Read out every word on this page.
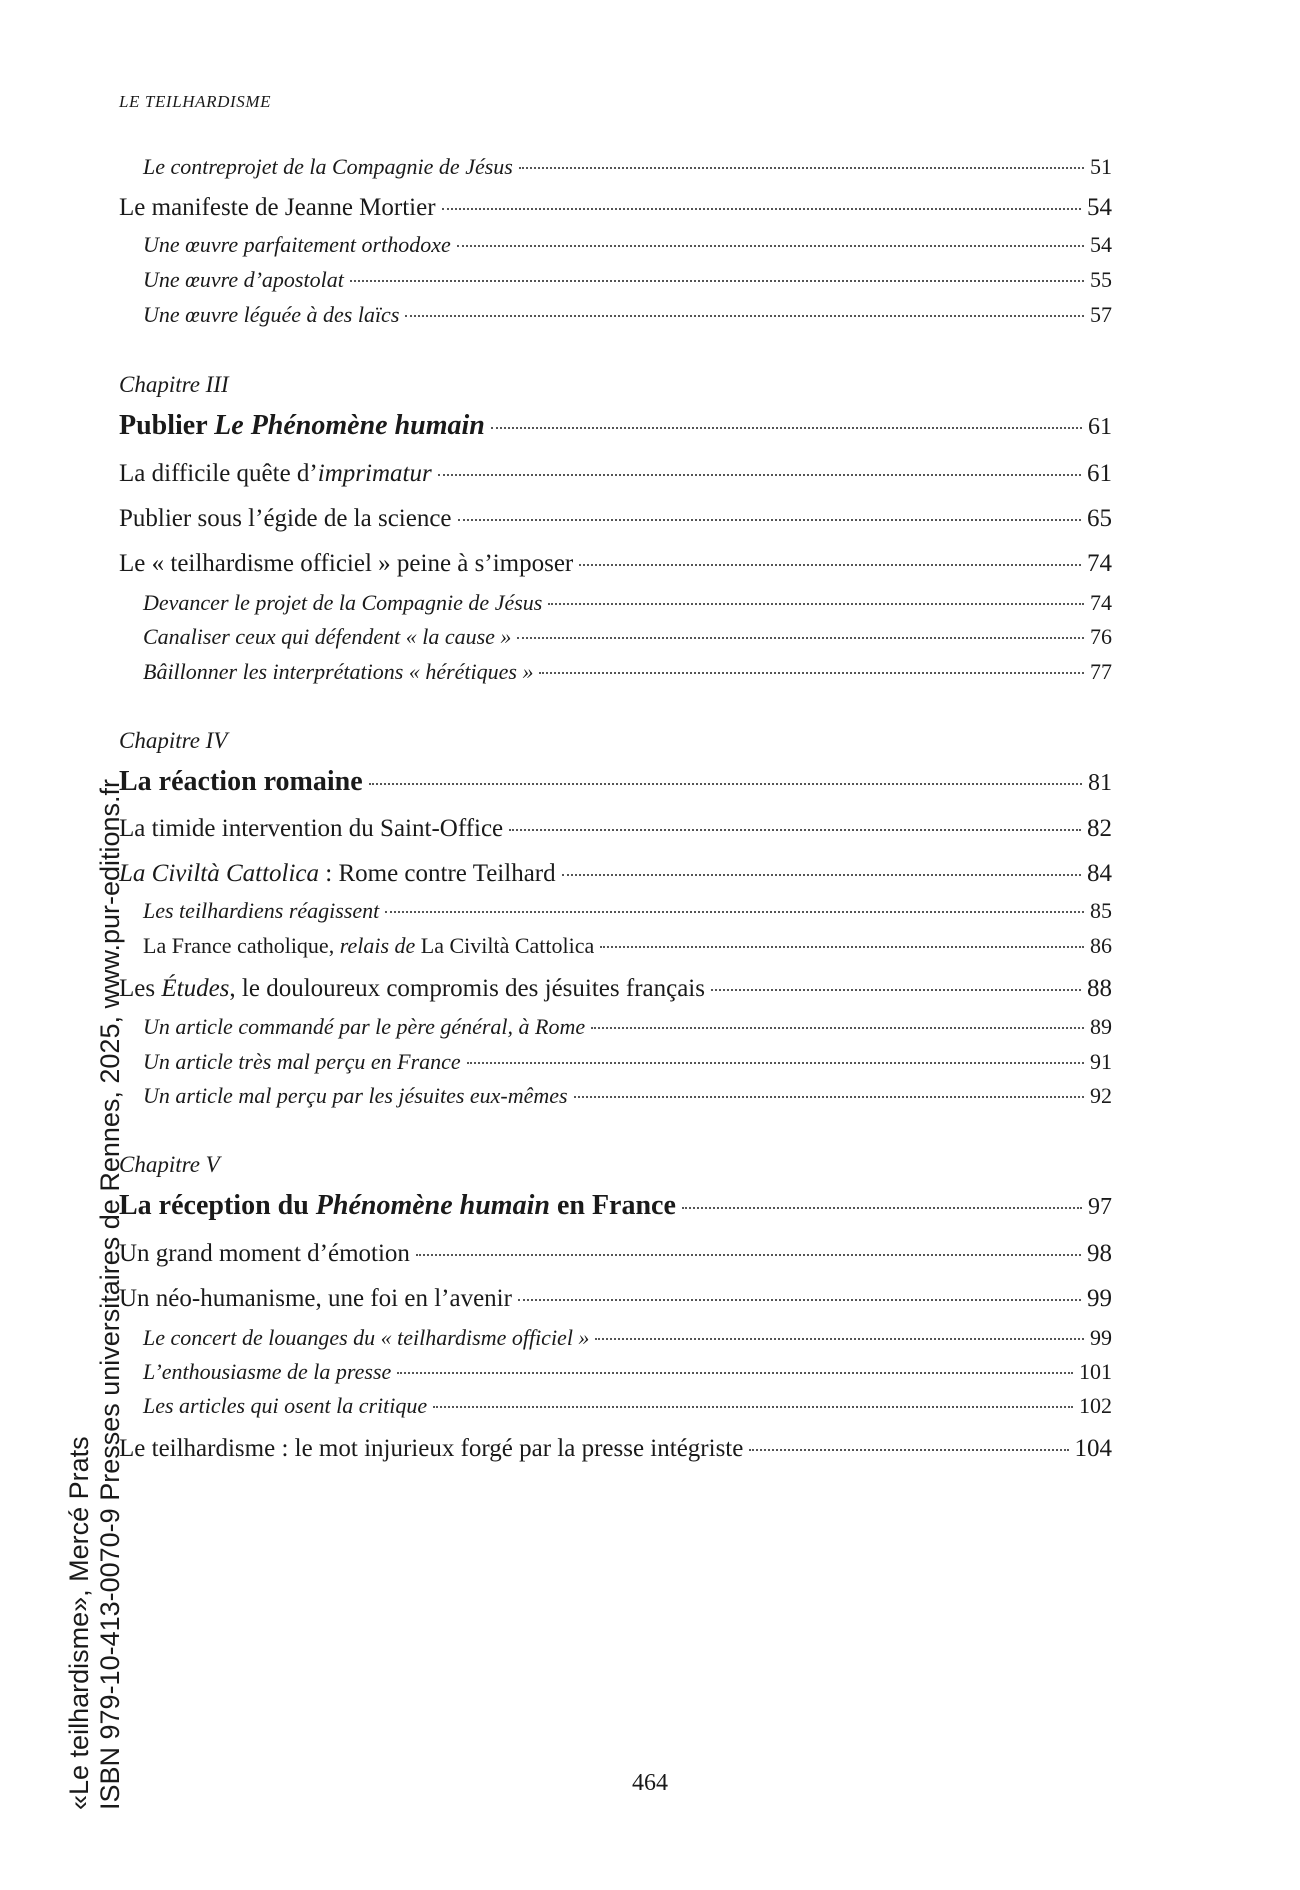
LE TEILHARDISME
Le contreprojet de la Compagnie de Jésus	51
Le manifeste de Jeanne Mortier	54
Une œuvre parfaitement orthodoxe	54
Une œuvre d’apostolat	55
Une œuvre léguée à des laïcs	57
Chapitre III
Publier Le Phénomène humain	61
La difficile quête d’imprimatur	61
Publier sous l’égide de la science	65
Le « teilhardisme officiel » peine à s’imposer	74
Devancer le projet de la Compagnie de Jésus	74
Canaliser ceux qui défendent « la cause »	76
Bâillonner les interprétations « hérétiques »	77
Chapitre IV
La réaction romaine	81
La timide intervention du Saint-Office	82
La Civiltà Cattolica : Rome contre Teilhard	84
Les teilhardiens réagissent	85
La France catholique, relais de La Civiltà Cattolica	86
Les Études, le douloureux compromis des jésuites français	88
Un article commandé par le père général, à Rome	89
Un article très mal perçu en France	91
Un article mal perçu par les jésuites eux-mêmes	92
Chapitre V
La réception du Phénomène humain en France	97
Un grand moment d’émotion	98
Un néo-humanisme, une foi en l’avenir	99
Le concert de louanges du « teilhardisme officiel »	99
L’enthousiasme de la presse	101
Les articles qui osent la critique	102
Le teilhardisme : le mot injurieux forgé par la presse intégriste	104
464
«Le teilhardisme», Mercé Prats ISBN 979-10-413-0070-9 Presses universitaires de Rennes, 2025, www.pur-editions.fr
